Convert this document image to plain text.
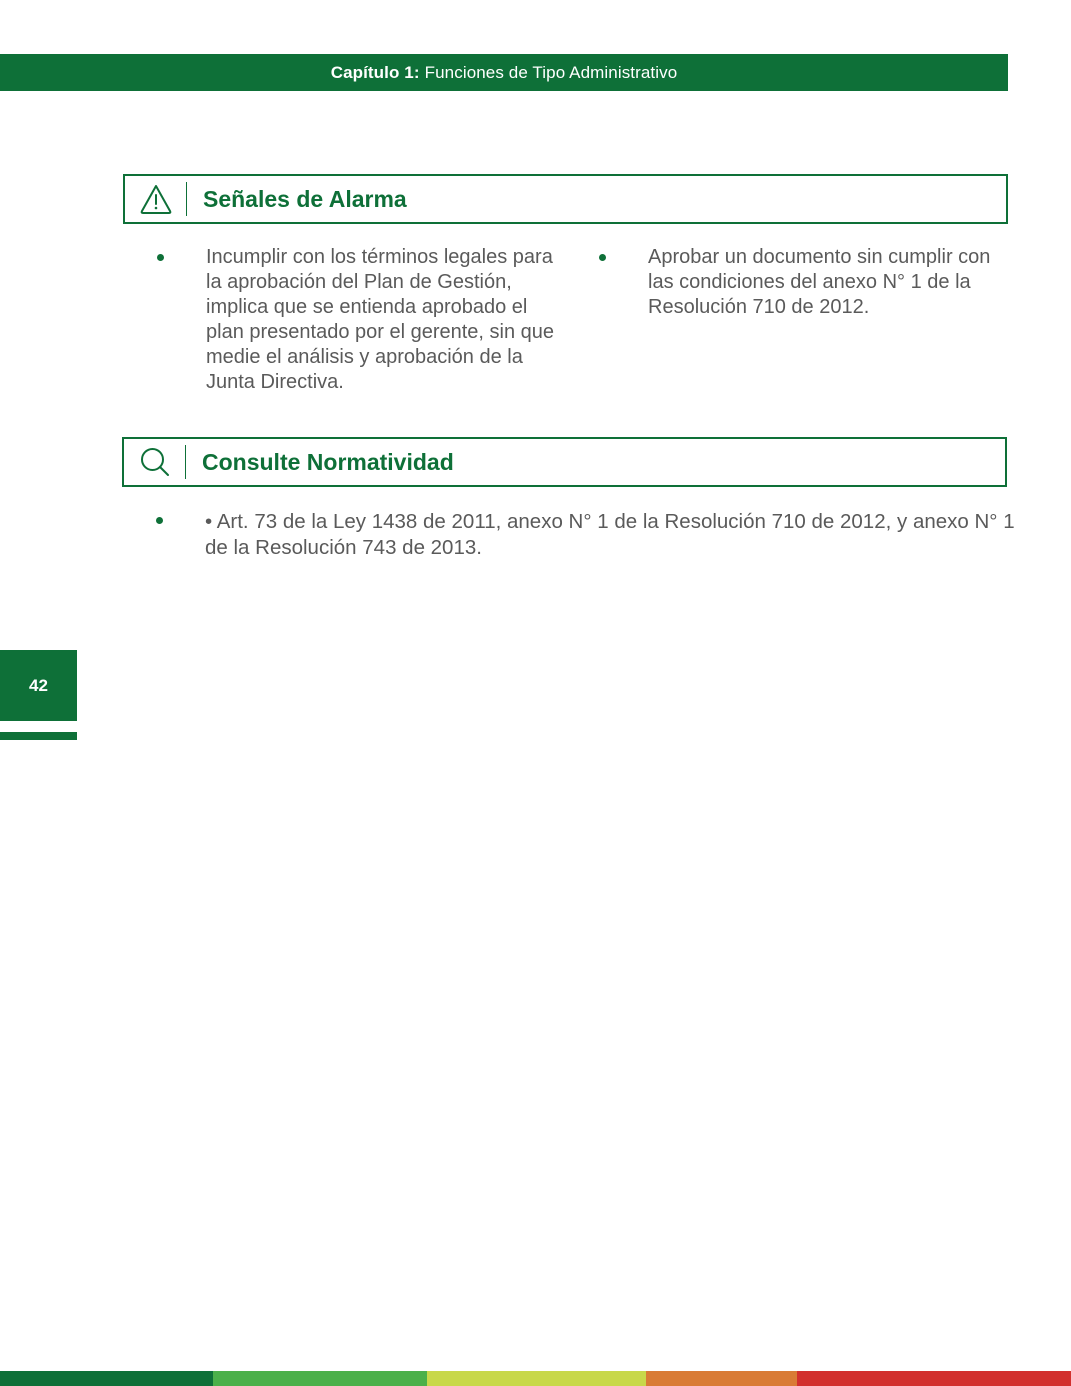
Capítulo 1: Funciones de Tipo Administrativo
Señales de Alarma
Incumplir con los términos legales para la aprobación del Plan de Gestión, implica que se entienda aprobado el plan presentado por el gerente, sin que medie el análisis y aprobación de la Junta Directiva.
Aprobar un documento sin cumplir con las condiciones del anexo N° 1 de la Resolución 710 de 2012.
Consulte Normatividad
• Art. 73 de la Ley 1438 de 2011, anexo N° 1 de la Resolución 710 de 2012, y anexo N° 1 de la Resolución 743 de 2013.
42
